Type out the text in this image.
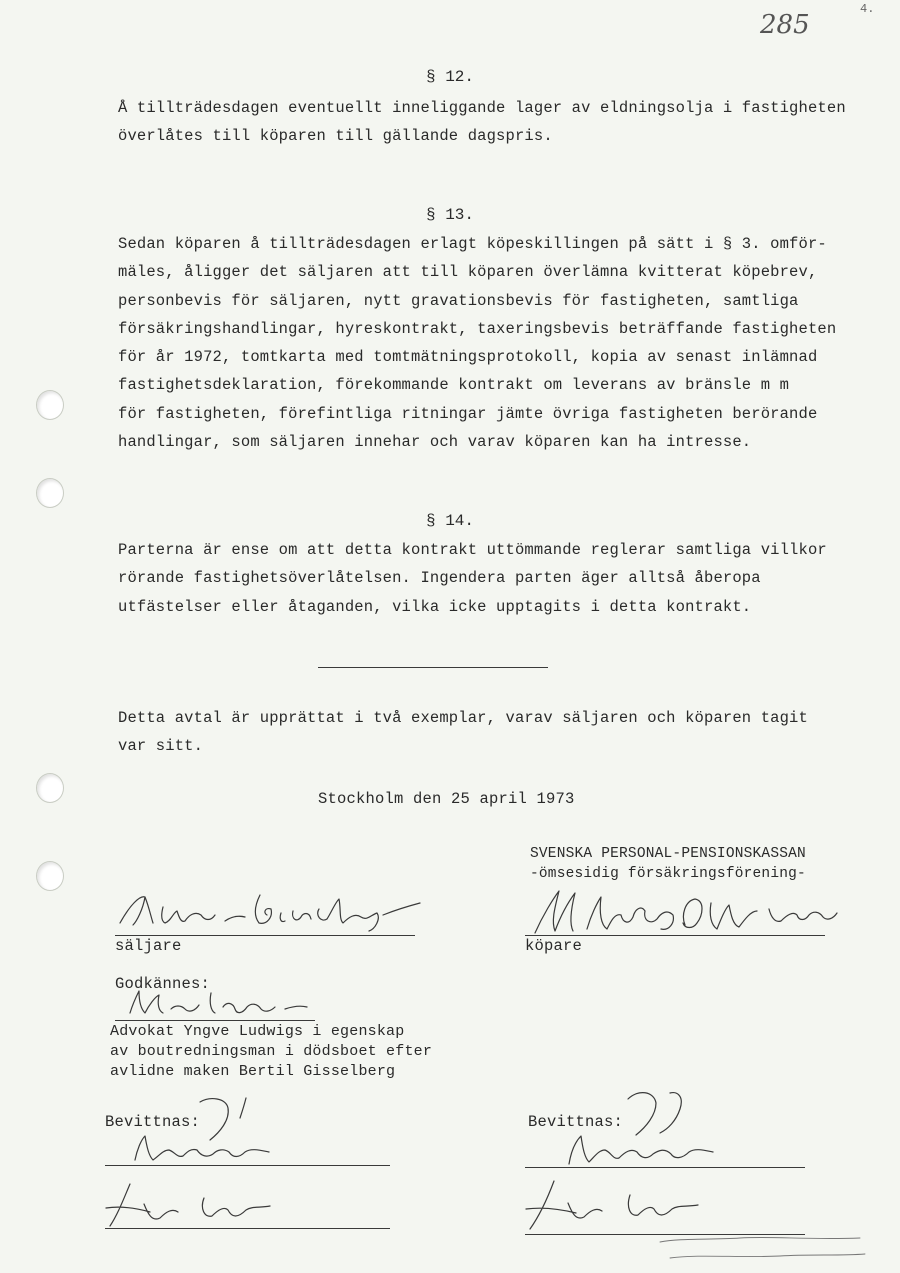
285
4.
§ 12.
Å tillträdesdagen eventuellt inneliggande lager av eldningsolja i fastigheten
överlåtes till köparen till gällande dagspris.
§ 13.
Sedan köparen å tillträdesdagen erlagt köpeskillingen på sätt i § 3. omför-
mäles, åligger det säljaren att till köparen överlämna kvitterat köpebrev,
personbevis för säljaren, nytt gravationsbevis för fastigheten, samtliga
försäkringshandlingar, hyreskontrakt, taxeringsbevis beträffande fastigheten
för år 1972, tomtkarta med tomtmätningsprotokoll, kopia av senast inlämnad
fastighetsdeklaration, förekommande kontrakt om leverans av bränsle m m
för fastigheten, förefintliga ritningar jämte övriga fastigheten berörande
handlingar, som säljaren innehar och varav köparen kan ha intresse.
§ 14.
Parterna är ense om att detta kontrakt uttömmande reglerar samtliga villkor
rörande fastighetsöverlåtelsen. Ingendera parten äger alltså åberopa
utfästelser eller åtaganden, vilka icke upptagits i detta kontrakt.
Detta avtal är upprättat i två exemplar, varav säljaren och köparen tagit
var sitt.
Stockholm den 25 april 1973
SVENSKA PERSONAL-PENSIONSKASSAN
-ömsesidig försäkringsförening-
säljare	köpare
Godkännes:
Advokat Yngve Ludwigs i egenskap
av boutredningsman i dödsboet efter
avlidne maken Bertil Gisselberg
Bevittnas:	Bevittnas:
